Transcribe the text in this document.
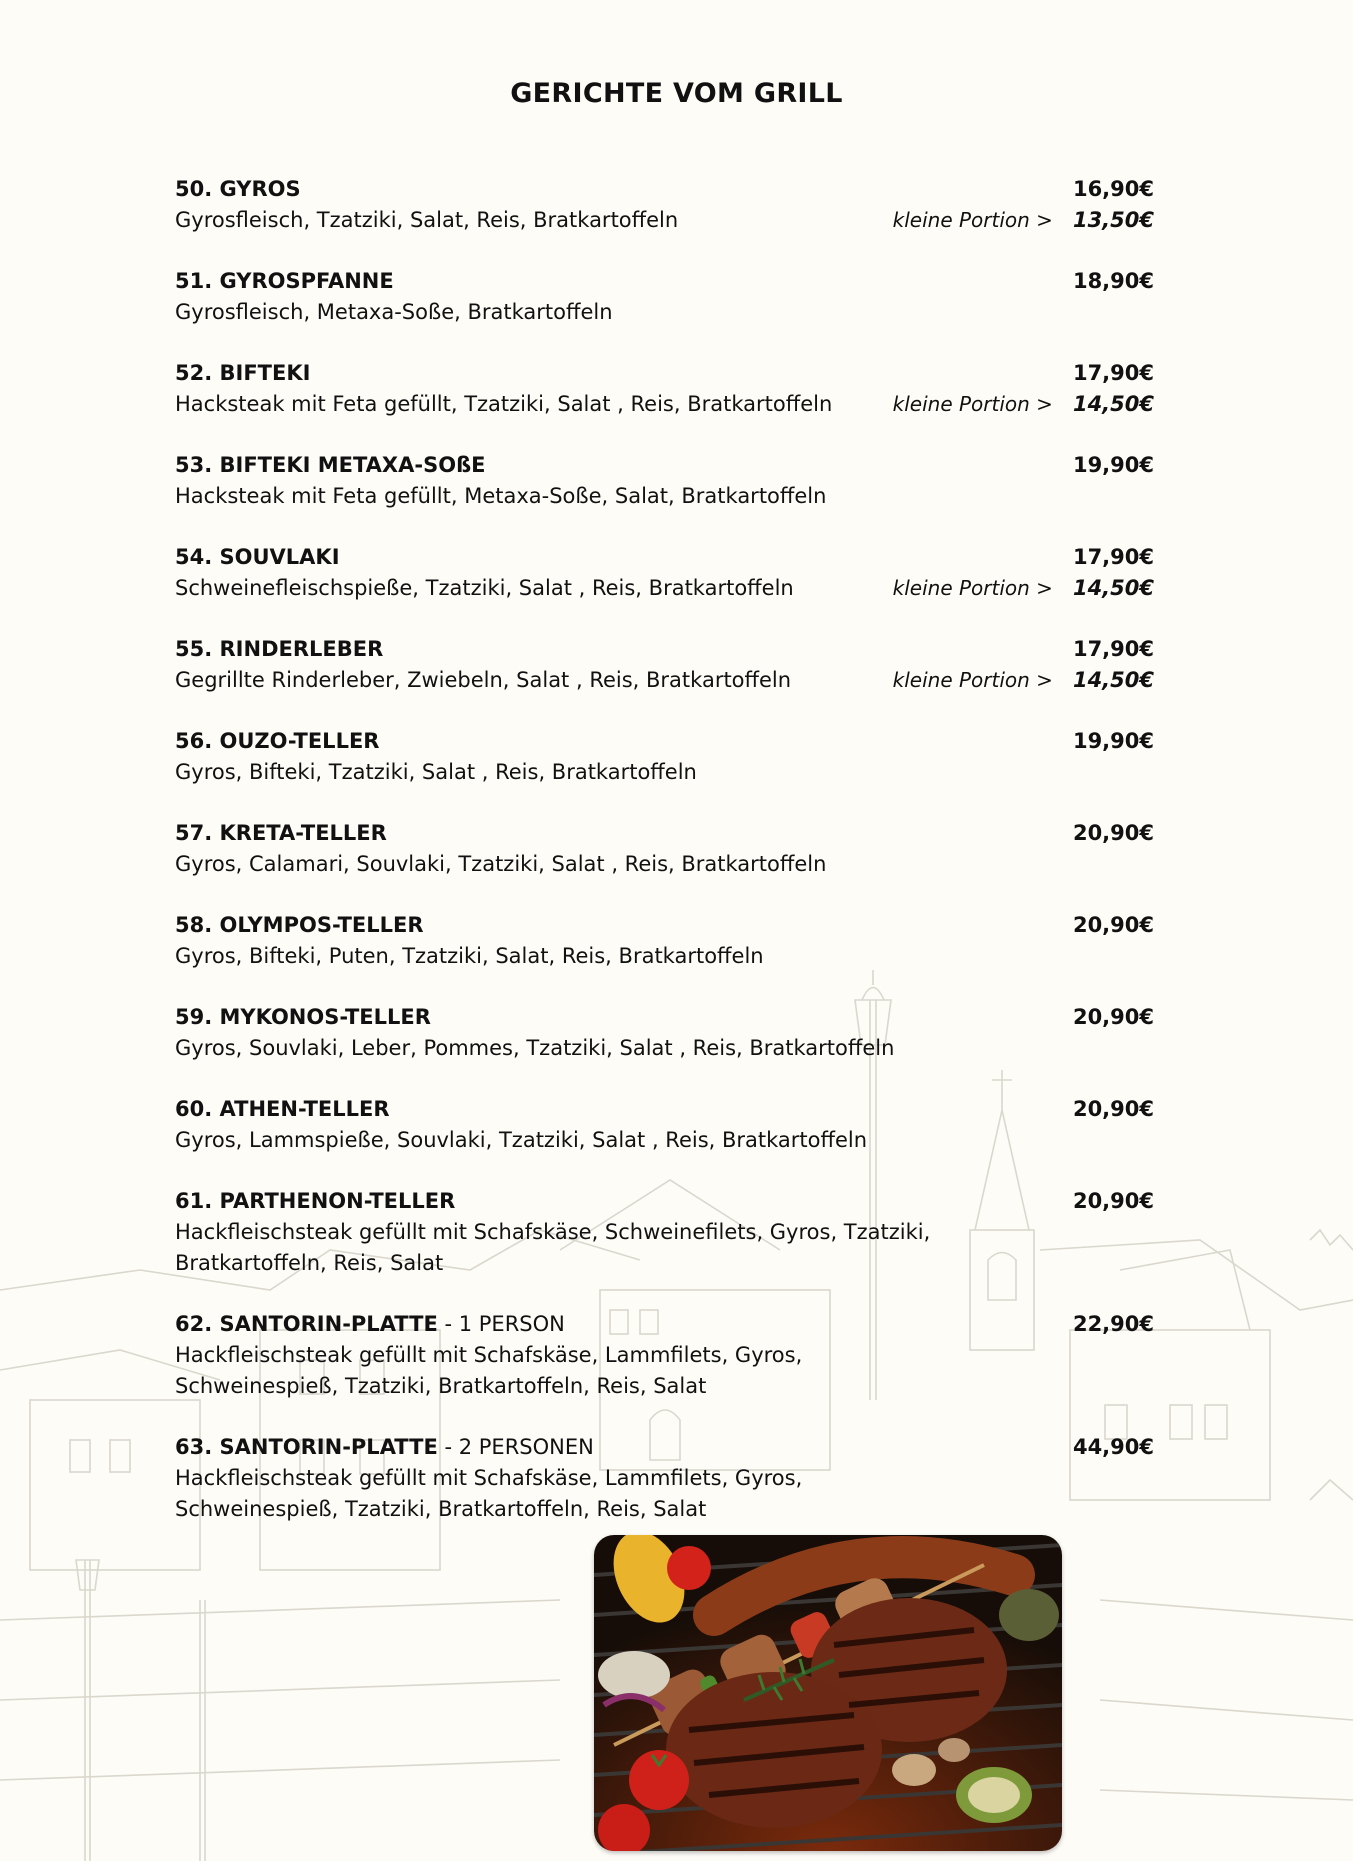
GERICHTE VOM GRILL
50. GYROS
Gyrosfleisch, Tzatziki, Salat, Reis, Bratkartoffeln
16,90€
kleine Portion > 13,50€
51. GYROSPFANNE
Gyrosfleisch, Metaxa-Soße, Bratkartoffeln
18,90€
52. BIFTEKI
Hacksteak mit Feta gefüllt, Tzatziki, Salat , Reis, Bratkartoffeln
17,90€
kleine Portion > 14,50€
53. BIFTEKI METAXA-SOßE
Hacksteak mit Feta gefüllt, Metaxa-Soße, Salat, Bratkartoffeln
19,90€
54. SOUVLAKI
Schweinefleischspieße, Tzatziki, Salat , Reis, Bratkartoffeln
17,90€
kleine Portion > 14,50€
55. RINDERLEBER
Gegrillte Rinderleber, Zwiebeln, Salat , Reis, Bratkartoffeln
17,90€
kleine Portion > 14,50€
56. OUZO-TELLER
Gyros, Bifteki, Tzatziki, Salat , Reis, Bratkartoffeln
19,90€
57. KRETA-TELLER
Gyros, Calamari, Souvlaki, Tzatziki, Salat , Reis, Bratkartoffeln
20,90€
58. OLYMPOS-TELLER
Gyros, Bifteki, Puten, Tzatziki, Salat, Reis, Bratkartoffeln
20,90€
59. MYKONOS-TELLER
Gyros, Souvlaki, Leber, Pommes, Tzatziki, Salat , Reis, Bratkartoffeln
20,90€
60. ATHEN-TELLER
Gyros, Lammspieße, Souvlaki, Tzatziki, Salat , Reis, Bratkartoffeln
20,90€
61. PARTHENON-TELLER
Hackfleischsteak gefüllt mit Schafskäse, Schweinefilets, Gyros, Tzatziki, Bratkartoffeln, Reis, Salat
20,90€
62. SANTORIN-PLATTE - 1 PERSON
Hackfleischsteak gefüllt mit Schafskäse, Lammfilets, Gyros, Schweinespieß, Tzatziki, Bratkartoffeln, Reis, Salat
22,90€
63. SANTORIN-PLATTE - 2 PERSONEN
Hackfleischsteak gefüllt mit Schafskäse, Lammfilets, Gyros, Schweinespieß, Tzatziki, Bratkartoffeln, Reis, Salat
44,90€
